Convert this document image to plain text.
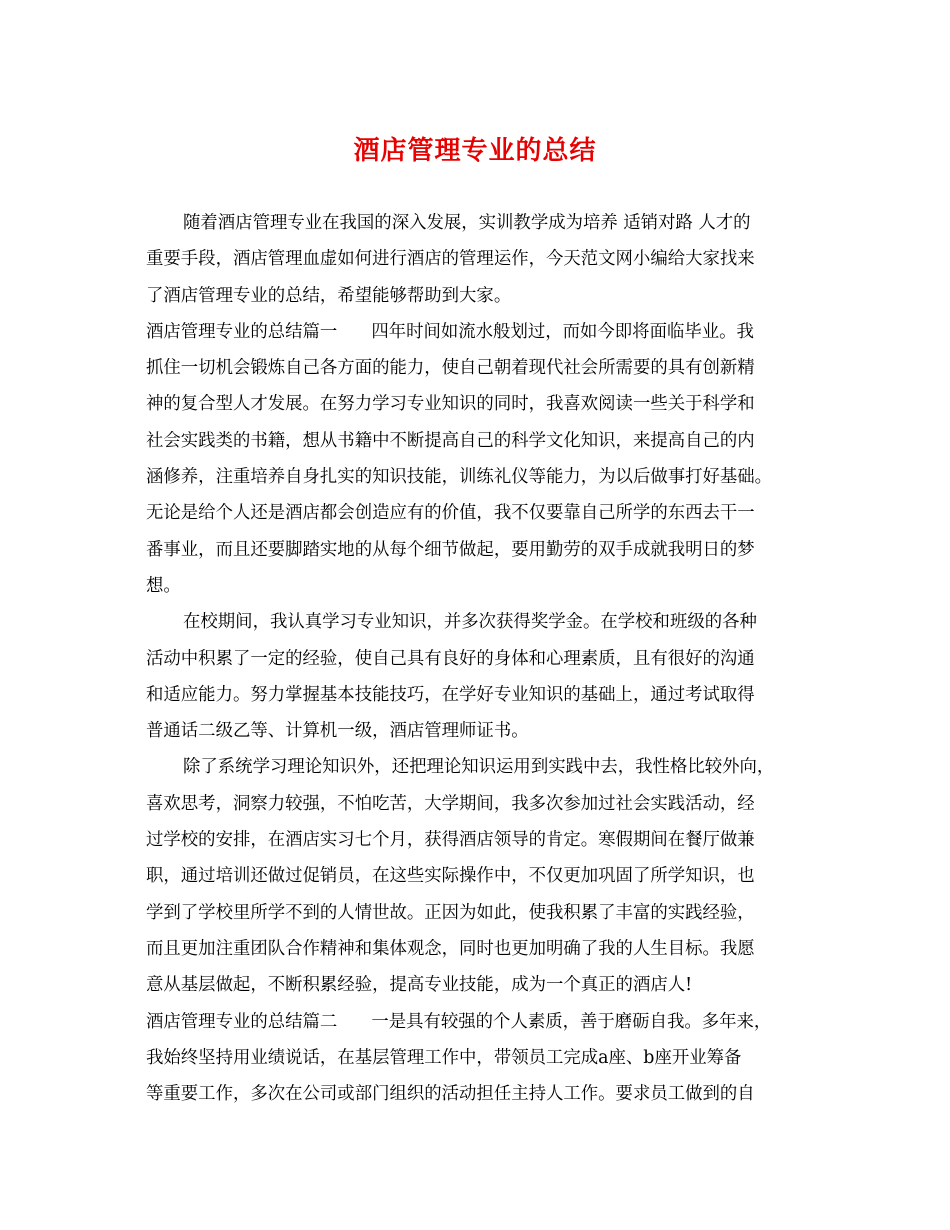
酒店管理专业的总结
随着酒店管理专业在我国的深入发展，实训教学成为培养 适销对路 人才的
重要手段，酒店管理血虚如何进行酒店的管理运作，今天范文网小编给大家找来
了酒店管理专业的总结，希望能够帮助到大家。
酒店管理专业的总结篇一 四年时间如流水般划过，而如今即将面临毕业。我
抓住一切机会锻炼自己各方面的能力，使自己朝着现代社会所需要的具有创新精
神的复合型人才发展。在努力学习专业知识的同时，我喜欢阅读一些关于科学和
社会实践类的书籍，想从书籍中不断提高自己的科学文化知识，来提高自己的内
涵修养，注重培养自身扎实的知识技能，训练礼仪等能力，为以后做事打好基础。
无论是给个人还是酒店都会创造应有的价值，我不仅要靠自己所学的东西去干一
番事业，而且还要脚踏实地的从每个细节做起，要用勤劳的双手成就我明日的梦
想。
在校期间，我认真学习专业知识，并多次获得奖学金。在学校和班级的各种
活动中积累了一定的经验，使自己具有良好的身体和心理素质，且有很好的沟通
和适应能力。努力掌握基本技能技巧，在学好专业知识的基础上，通过考试取得
普通话二级乙等、计算机一级，酒店管理师证书。
除了系统学习理论知识外，还把理论知识运用到实践中去，我性格比较外向，
喜欢思考，洞察力较强，不怕吃苦，大学期间，我多次参加过社会实践活动，经
过学校的安排，在酒店实习七个月，获得酒店领导的肯定。寒假期间在餐厅做兼
职，通过培训还做过促销员，在这些实际操作中，不仅更加巩固了所学知识，也
学到了学校里所学不到的人情世故。正因为如此，使我积累了丰富的实践经验，
而且更加注重团队合作精神和集体观念，同时也更加明确了我的人生目标。我愿
意从基层做起，不断积累经验，提高专业技能，成为一个真正的酒店人!
酒店管理专业的总结篇二 一是具有较强的个人素质，善于磨砺自我。多年来，
我始终坚持用业绩说话，在基层管理工作中，带领员工完成a座、b座开业筹备
等重要工作，多次在公司或部门组织的活动担任主持人工作。要求员工做到的自
